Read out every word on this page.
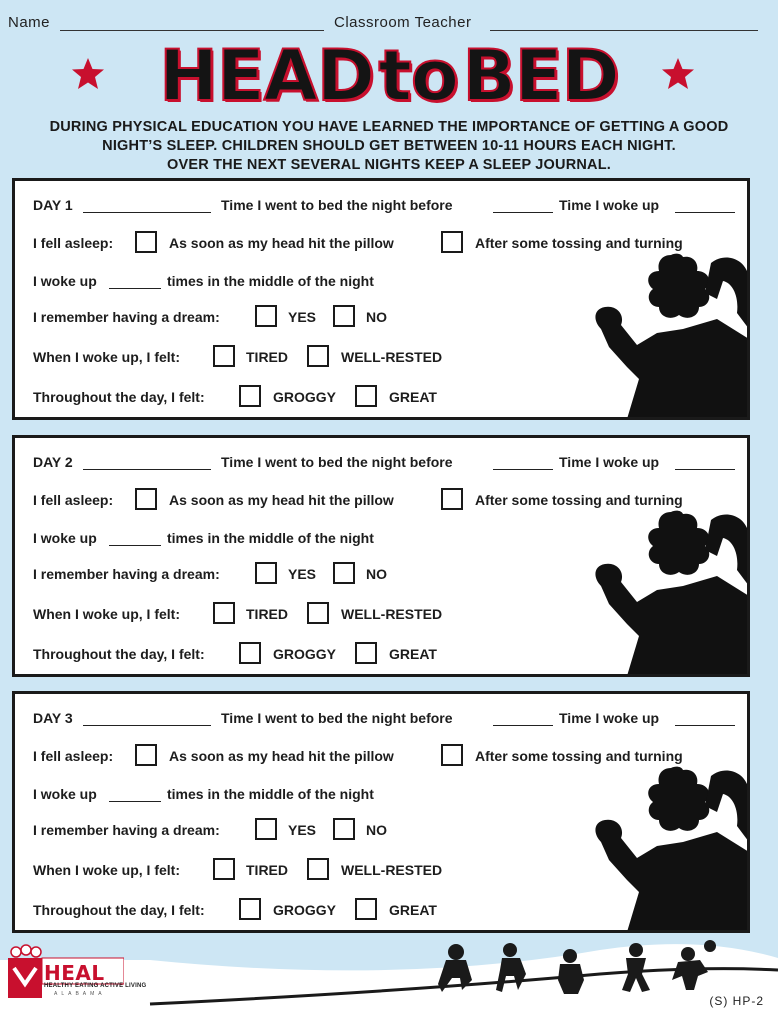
Name	Classroom Teacher
HEAD to BED
DURING PHYSICAL EDUCATION YOU HAVE LEARNED THE IMPORTANCE OF GETTING A GOOD
NIGHT’S SLEEP. CHILDREN SHOULD GET BETWEEN 10-11 HOURS EACH NIGHT.
OVER THE NEXT SEVERAL NIGHTS KEEP A SLEEP JOURNAL.
DAY 1	Time I went to bed the night before	Time I woke up
I fell asleep:	As soon as my head hit the pillow	After some tossing and turning
I woke up	times in the middle of the night
I remember having a dream:	YES	NO
When I woke up, I felt:	TIRED	WELL-RESTED
Throughout the day, I felt:	GROGGY	GREAT
DAY 2	Time I went to bed the night before	Time I woke up
I fell asleep:	As soon as my head hit the pillow	After some tossing and turning
I woke up	times in the middle of the night
I remember having a dream:	YES	NO
When I woke up, I felt:	TIRED	WELL-RESTED
Throughout the day, I felt:	GROGGY	GREAT
DAY 3	Time I went to bed the night before	Time I woke up
I fell asleep:	As soon as my head hit the pillow	After some tossing and turning
I woke up	times in the middle of the night
I remember having a dream:	YES	NO
When I woke up, I felt:	TIRED	WELL-RESTED
Throughout the day, I felt:	GROGGY	GREAT
HEAL
HEALTHY EATING ACTIVE LIVING
ALABAMA	(S) HP-2
